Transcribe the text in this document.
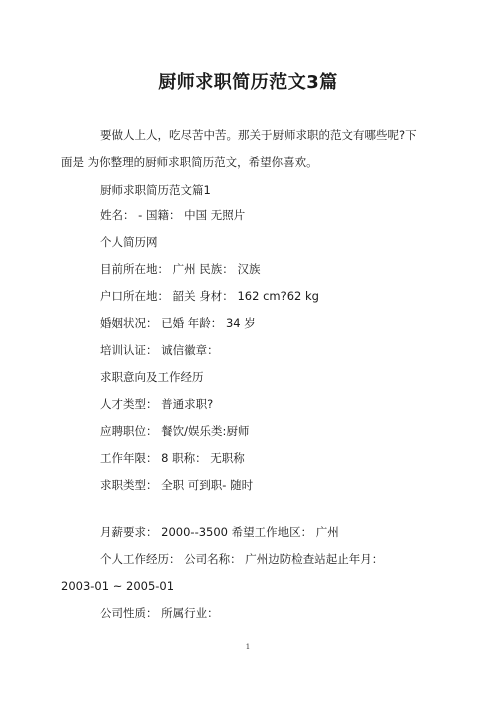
厨师求职简历范文3篇
要做人上人，吃尽苦中苦。那关于厨师求职的范文有哪些呢?下
面是 为你整理的厨师求职简历范文，希望你喜欢。
厨师求职简历范文篇1
姓名： - 国籍： 中国 无照片
个人简历网
目前所在地： 广州 民族： 汉族
户口所在地： 韶关 身材： 162 cm?62 kg
婚姻状况： 已婚 年龄： 34 岁
培训认证： 诚信徽章：
求职意向及工作经历
人才类型： 普通求职?
应聘职位： 餐饮/娱乐类:厨师
工作年限： 8 职称： 无职称
求职类型： 全职 可到职- 随时
月薪要求： 2000--3500 希望工作地区： 广州
个人工作经历： 公司名称： 广州边防检查站起止年月：
2003-01 ~ 2005-01
公司性质： 所属行业：
1
